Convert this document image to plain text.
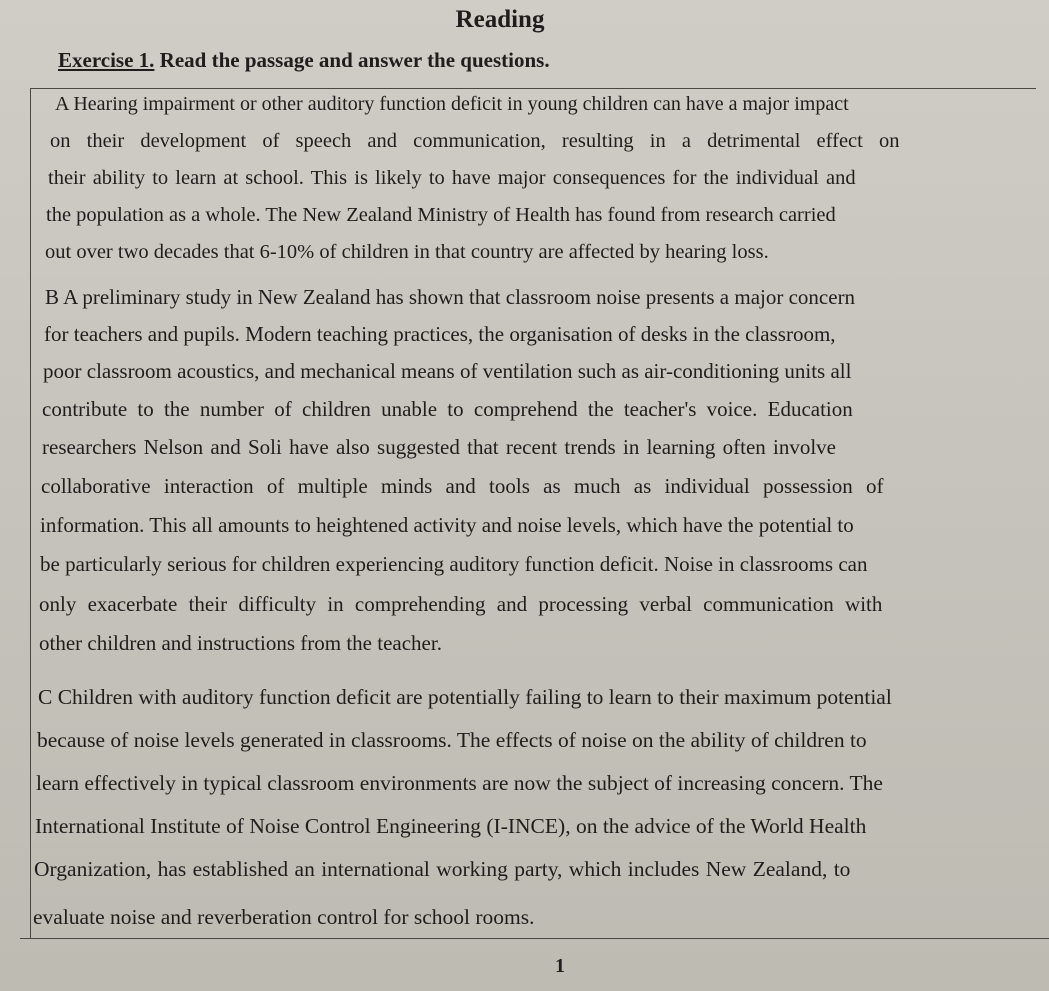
Reading
Exercise 1. Read the passage and answer the questions.
A Hearing impairment or other auditory function deficit in young children can have a major impact
on their development of speech and communication, resulting in a detrimental effect on
their ability to learn at school. This is likely to have major consequences for the individual and
the population as a whole. The New Zealand Ministry of Health has found from research carried
out over two decades that 6-10% of children in that country are affected by hearing loss.
B A preliminary study in New Zealand has shown that classroom noise presents a major concern
for teachers and pupils. Modern teaching practices, the organisation of desks in the classroom,
poor classroom acoustics, and mechanical means of ventilation such as air-conditioning units all
contribute to the number of children unable to comprehend the teacher's voice. Education
researchers Nelson and Soli have also suggested that recent trends in learning often involve
collaborative interaction of multiple minds and tools as much as individual possession of
information. This all amounts to heightened activity and noise levels, which have the potential to
be particularly serious for children experiencing auditory function deficit. Noise in classrooms can
only exacerbate their difficulty in comprehending and processing verbal communication with
other children and instructions from the teacher.
C Children with auditory function deficit are potentially failing to learn to their maximum potential
because of noise levels generated in classrooms. The effects of noise on the ability of children to
learn effectively in typical classroom environments are now the subject of increasing concern. The
International Institute of Noise Control Engineering (I-INCE), on the advice of the World Health
Organization, has established an international working party, which includes New Zealand, to
evaluate noise and reverberation control for school rooms.
1
